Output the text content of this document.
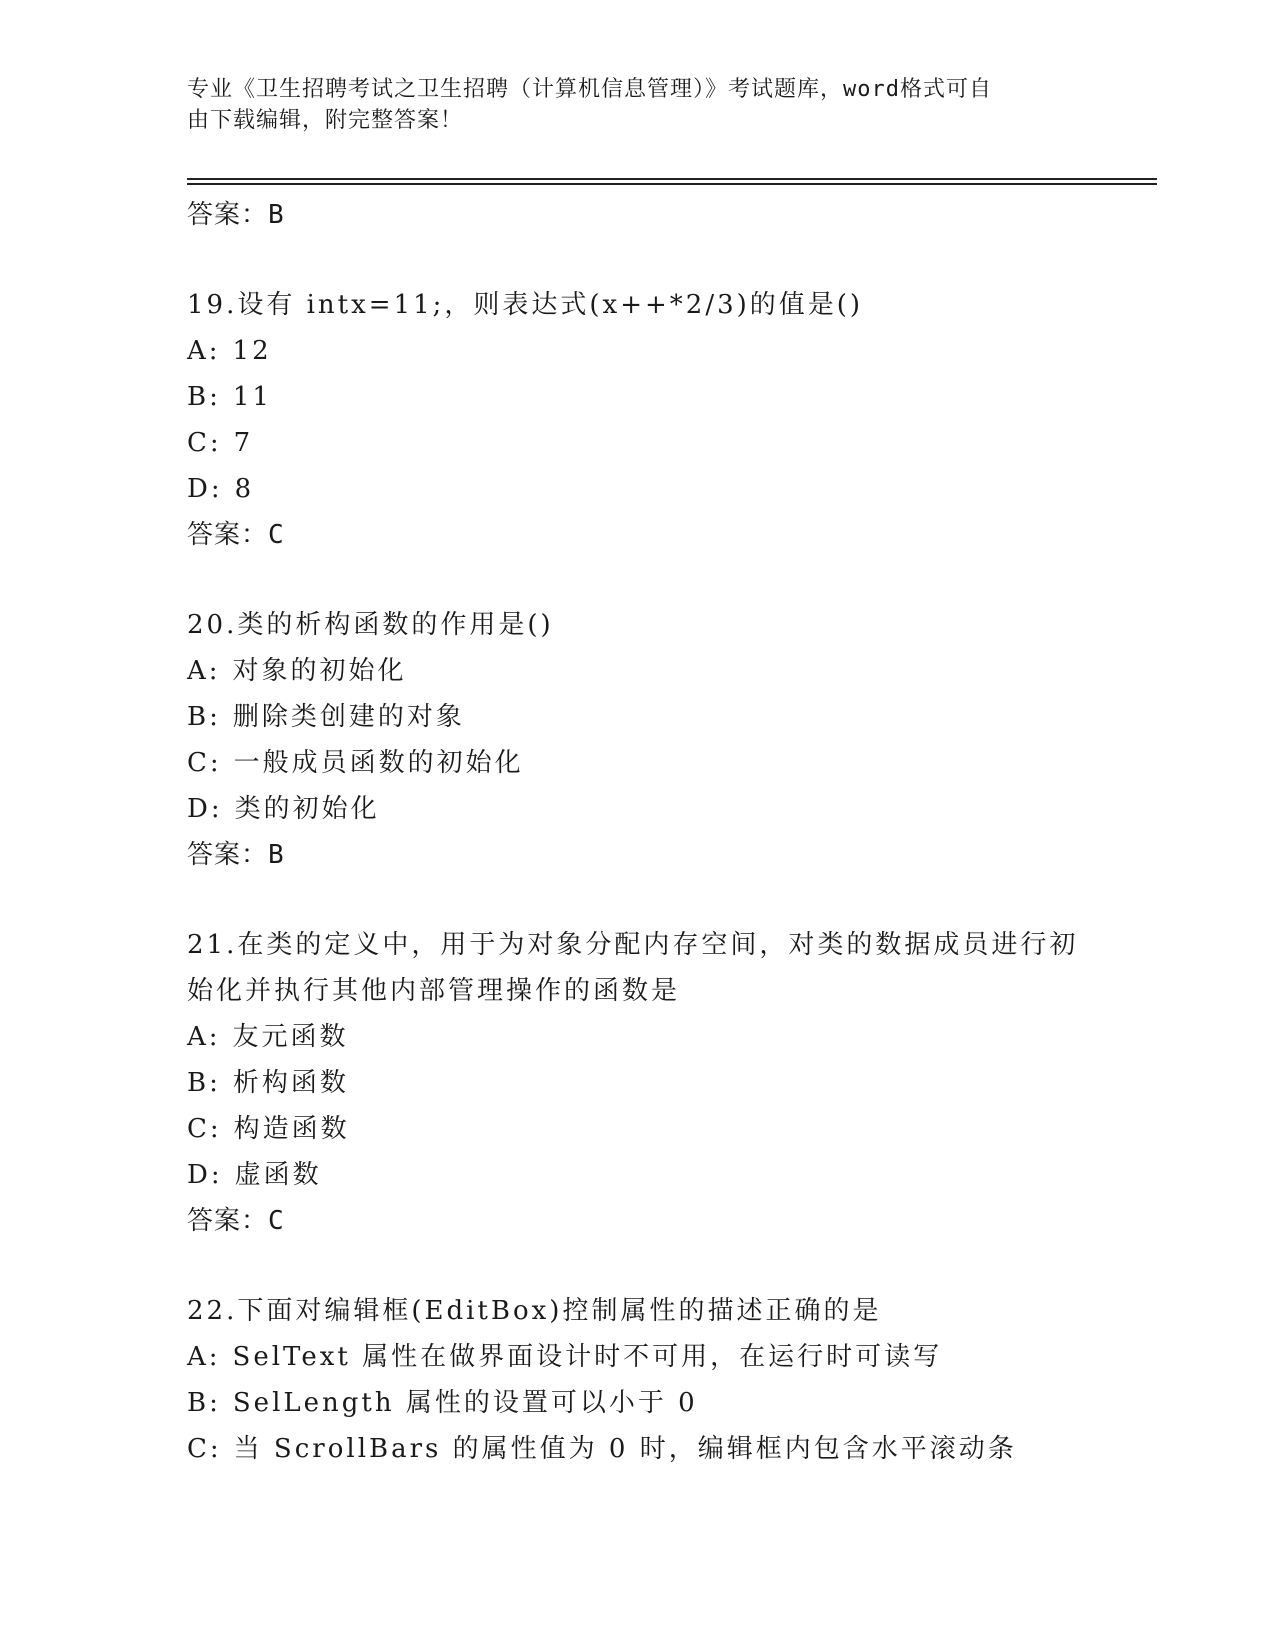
专业《卫生招聘考试之卫生招聘（计算机信息管理）》考试题库，word格式可自
由下载编辑，附完整答案！
答案：B
19.设有 intx=11;，则表达式(x++*2/3)的值是()
A: 12
B: 11
C: 7
D: 8
答案：C
20.类的析构函数的作用是()
A: 对象的初始化
B: 删除类创建的对象
C: 一般成员函数的初始化
D: 类的初始化
答案：B
21.在类的定义中，用于为对象分配内存空间，对类的数据成员进行初始化并执行其他内部管理操作的函数是
A: 友元函数
B: 析构函数
C: 构造函数
D: 虚函数
答案：C
22.下面对编辑框(EditBox)控制属性的描述正确的是
A: SelText 属性在做界面设计时不可用，在运行时可读写
B: SelLength 属性的设置可以小于 0
C: 当 ScrollBars 的属性值为 0 时，编辑框内包含水平滚动条
